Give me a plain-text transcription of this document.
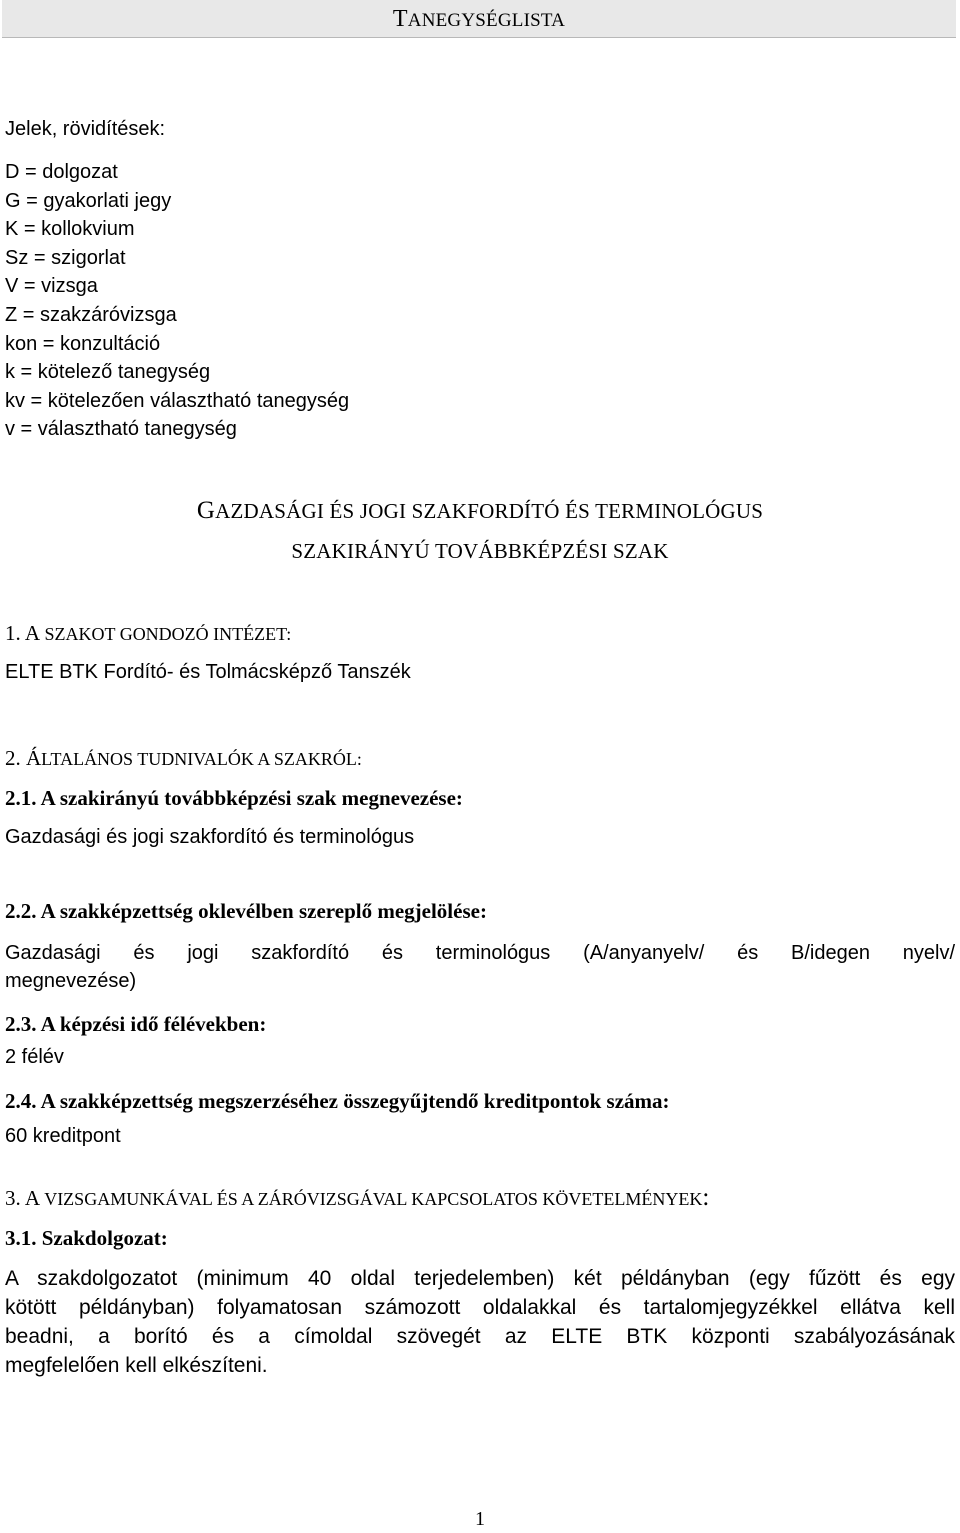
TANEGYSÉGLISTA
Jelek, rövidítések:
D = dolgozat
G = gyakorlati jegy
K = kollokvium
Sz = szigorlat
V = vizsga
Z = szakzáróvizsga
kon = konzultáció
k = kötelező tanegység
kv = kötelezően választható tanegység
v = választható tanegység
GAZDASÁGI ÉS JOGI SZAKFORDÍTÓ ÉS TERMINOLÓGUS
SZAKIRÁNYÚ TOVÁBBKÉPZÉSI SZAK
1. A SZAKOT GONDOZÓ INTÉZET:
ELTE BTK Fordító- és Tolmácsképző Tanszék
2. ÁLTALÁNOS TUDNIVALÓK A SZAKRÓL:
2.1. A szakirányú továbbképzési szak megnevezése:
Gazdasági és jogi szakfordító és terminológus
2.2. A szakképzettség oklevélben szereplő megjelölése:
Gazdasági és jogi szakfordító és terminológus (A/anyanyelv/ és B/idegen nyelv/
megnevezése)
2.3. A képzési idő félévekben:
2 félév
2.4. A szakképzettség megszerzéséhez összegyűjtendő kreditpontok száma:
60 kreditpont
3. A VIZSGAMUNKÁVAL ÉS A ZÁRÓVIZSGÁVAL KAPCSOLATOS KÖVETELMÉNYEK:
3.1. Szakdolgozat:
A szakdolgozatot (minimum 40 oldal terjedelemben) két példányban (egy fűzött és egy
kötött példányban) folyamatosan számozott oldalakkal és tartalomjegyzékkel ellátva kell
beadni, a borító és a címoldal szövegét az ELTE BTK központi szabályozásának
megfelelően kell elkészíteni.
1
